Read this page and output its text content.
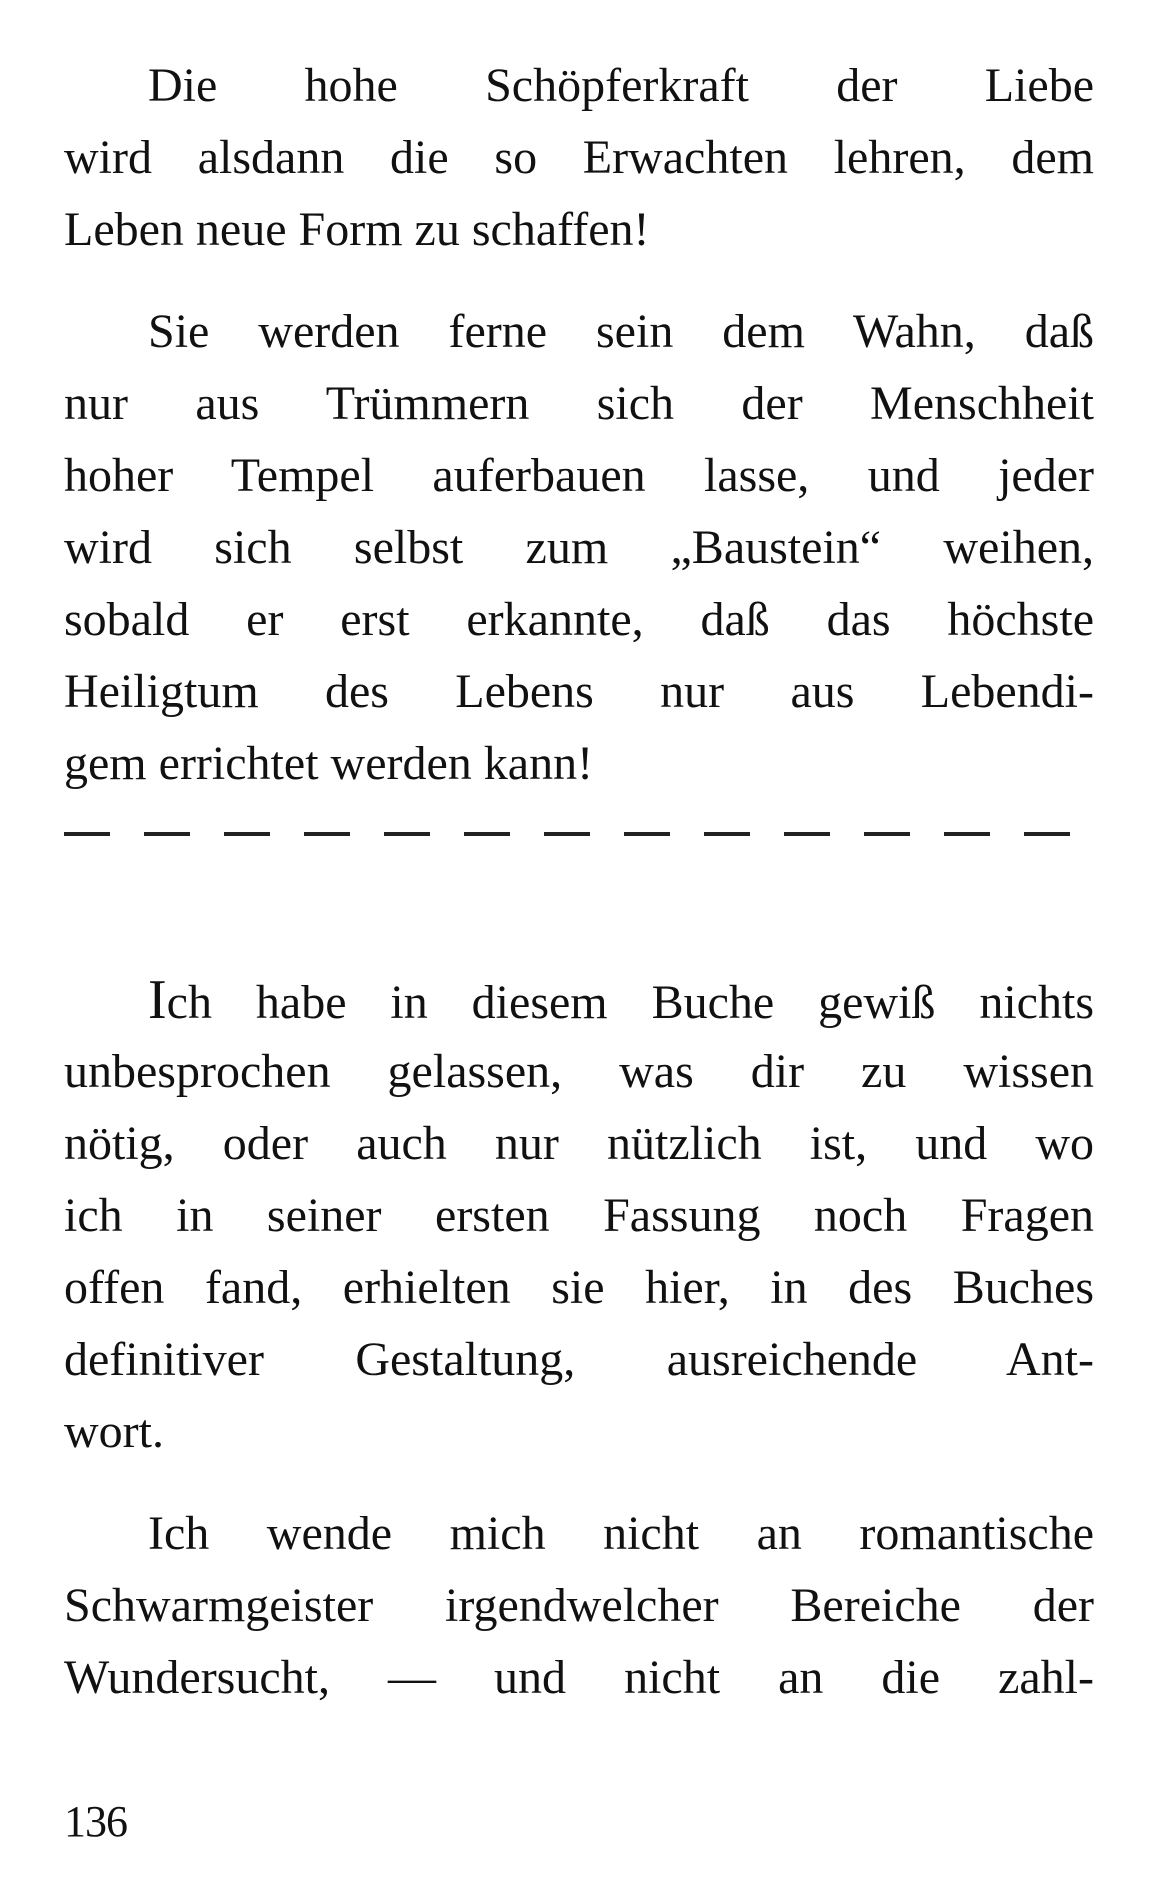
Die hohe Schöpferkraft der Liebe
wird alsdann die so Erwachten lehren, dem
Leben neue Form zu schaffen!

Sie werden ferne sein dem Wahn, daß
nur aus Trümmern sich der Menschheit
hoher Tempel auferbauen lasse, und jeder
wird sich selbst zum „Baustein“ weihen,
sobald er erst erkannte, daß das höchste
Heiligtum des Lebens nur aus Lebendi-
gem errichtet werden kann!

Ich habe in diesem Buche gewiß nichts
unbesprochen gelassen, was dir zu wissen
nötig, oder auch nur nützlich ist, und wo
ich in seiner ersten Fassung noch Fragen
offen fand, erhielten sie hier, in des Buches
definitiver Gestaltung, ausreichende Ant-
wort.

Ich wende mich nicht an romantische
Schwarmgeister irgendwelcher Bereiche der
Wundersucht, — und nicht an die zahl-

136
